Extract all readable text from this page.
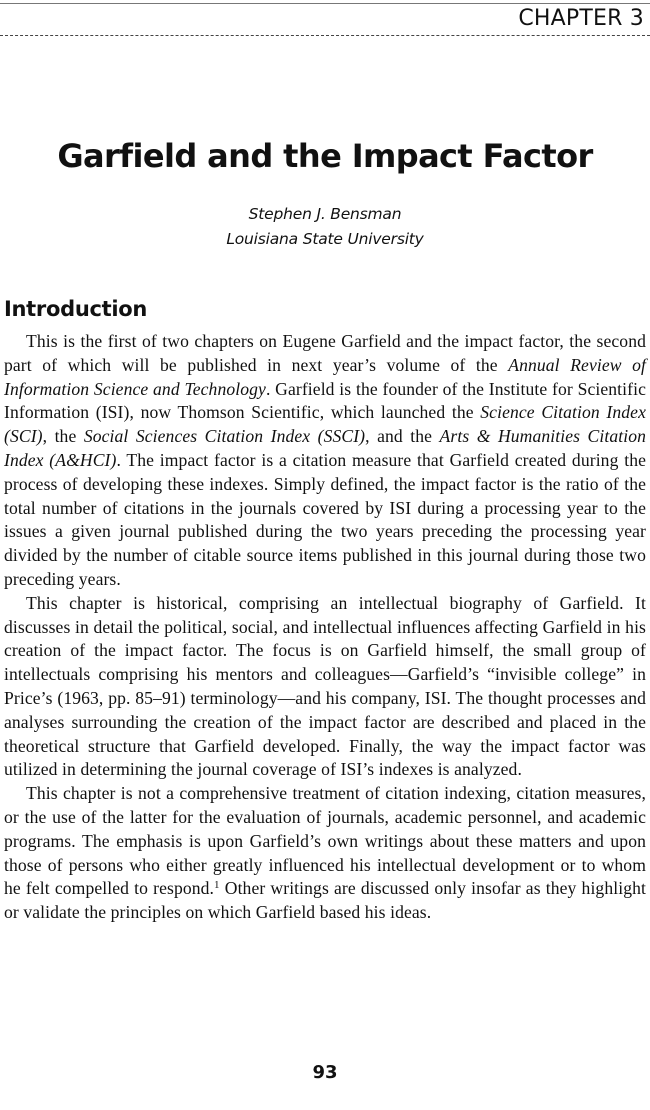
CHAPTER 3
Garfield and the Impact Factor
Stephen J. Bensman
Louisiana State University
Introduction

This is the first of two chapters on Eugene Garfield and the impact factor, the second part of which will be published in next year’s volume of the Annual Review of Information Science and Technology. Garfield is the founder of the Institute for Scientific Information (ISI), now Thomson Scientific, which launched the Science Citation Index (SCI), the Social Sciences Citation Index (SSCI), and the Arts & Humanities Citation Index (A&HCI). The impact factor is a citation measure that Garfield created during the process of developing these indexes. Simply defined, the impact factor is the ratio of the total number of citations in the journals covered by ISI during a processing year to the issues a given journal published during the two years preceding the processing year divided by the number of citable source items published in this journal during those two preceding years.

This chapter is historical, comprising an intellectual biography of Garfield. It discusses in detail the political, social, and intellectual influences affecting Garfield in his creation of the impact factor. The focus is on Garfield himself, the small group of intellectuals comprising his mentors and colleagues—Garfield’s “invisible college” in Price’s (1963, pp. 85–91) terminology—and his company, ISI. The thought processes and analyses surrounding the creation of the impact factor are described and placed in the theoretical structure that Garfield developed. Finally, the way the impact factor was utilized in determining the journal coverage of ISI’s indexes is analyzed.

This chapter is not a comprehensive treatment of citation indexing, citation measures, or the use of the latter for the evaluation of journals, academic personnel, and academic programs. The emphasis is upon Garfield’s own writings about these matters and upon those of persons who either greatly influenced his intellectual development or to whom he felt compelled to respond.$^1$ Other writings are discussed only insofar as they highlight or validate the principles on which Garfield based his ideas.

93
